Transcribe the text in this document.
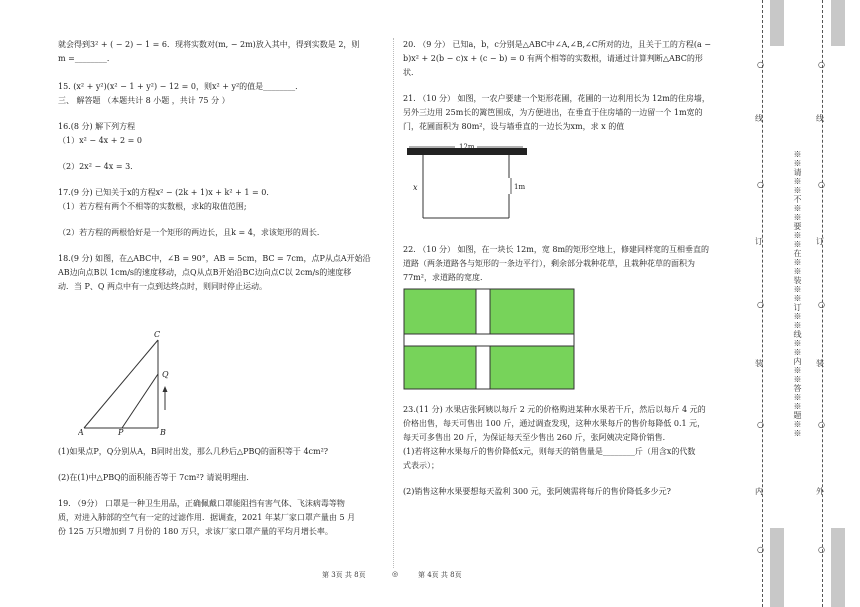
就会得到3² + ( − 2) − 1 = 6．现将实数对(m, − 2m)放入其中，得到实数是 2，则

m =________．

15. (x² + y²)(x² − 1 + y²) − 12 = 0，则x² + y²的值是________．

三、 解答题 （本题共计 8 小题 ，共计 75 分 ）

16.(8 分) 解下列方程

（1）x² − 4x + 2 = 0

（2）2x² − 4x = 3．

17.(9 分) 已知关于x的方程x² − (2k + 1)x + k² + 1 = 0．

（1）若方程有两个不相等的实数根，求k的取值范围;

（2）若方程的两根恰好是一个矩形的两边长，且k = 4，求该矩形的周长．

18.(9 分) 如图，在△ABC中，∠B = 90°，AB = 5cm，BC = 7cm，点P从点A开始沿

AB边向点B以 1cm/s的速度移动，点Q从点B开始沿BC边向点C以 2cm/s的速度移

动．当 P、Q 两点中有一点到达终点时，则同时停止运动。

C
Q
A	P	B

(1)如果点P，Q分别从A，B同时出发，那么几秒后△PBQ的面积等于 4cm²?

(2)在(1)中△PBQ的面积能否等于 7cm²? 请说明理由．

19. （9分） 口罩是一种卫生用品，正确佩戴口罩能阻挡有害气体、飞沫病毒等物

质，对进入肺部的空气有一定的过滤作用．据调查，2021 年某厂家口罩产量由 5 月

份 125 万只增加到 7 月份的 180 万只，求该厂家口罩产量的平均月增长率。

20. （9 分） 已知a，b，c分别是△ABC中∠A,∠B,∠C所对的边，且关于工的方程(a −

b)x² + 2(b − c)x + (c − b) = 0 有两个相等的实数根，请通过计算判断△ABC的形

状．

21. （10 分） 如图，一农户要建一个矩形花圃，花圃的一边利用长为 12m的住房墙，

另外三边用 25m长的篱笆围成，为方便进出，在垂直于住房墙的一边留一个 1m宽的

门，花圃面积为 80m²，设与墙垂直的一边长为xm，求 x 的值

12m
x	1m

22. （10 分） 如图，在一块长 12m，宽 8m的矩形空地上，修建同样宽的互相垂直的

道路（两条道路各与矩形的一条边平行），剩余部分栽种花草，且栽种花草的面积为

77m²，求道路的宽度．

23.(11 分) 水果店张阿姨以每斤 2 元的价格购进某种水果若干斤，然后以每斤 4 元的

价格出售，每天可售出 100 斤，通过调查发现，这种水果每斤的售价每降低 0.1 元，

每天可多售出 20 斤，为保证每天至少售出 260 斤，张阿姨决定降价销售．

(1)若将这种水果每斤的售价降低x元，则每天的销售量是________斤（用含x的代数

式表示）；

(2)销售这种水果要想每天盈利 300 元，张阿姨需将每斤的售价降低多少元?

第 3页 共 8页	◎	第 4页 共 8页
※※请※※不※※要※※在※※装※※订※※线※※内※※答※※题※※
线
订
装
内
线
订
装
外
○
○
○
○
○
○
○
○
○
○
